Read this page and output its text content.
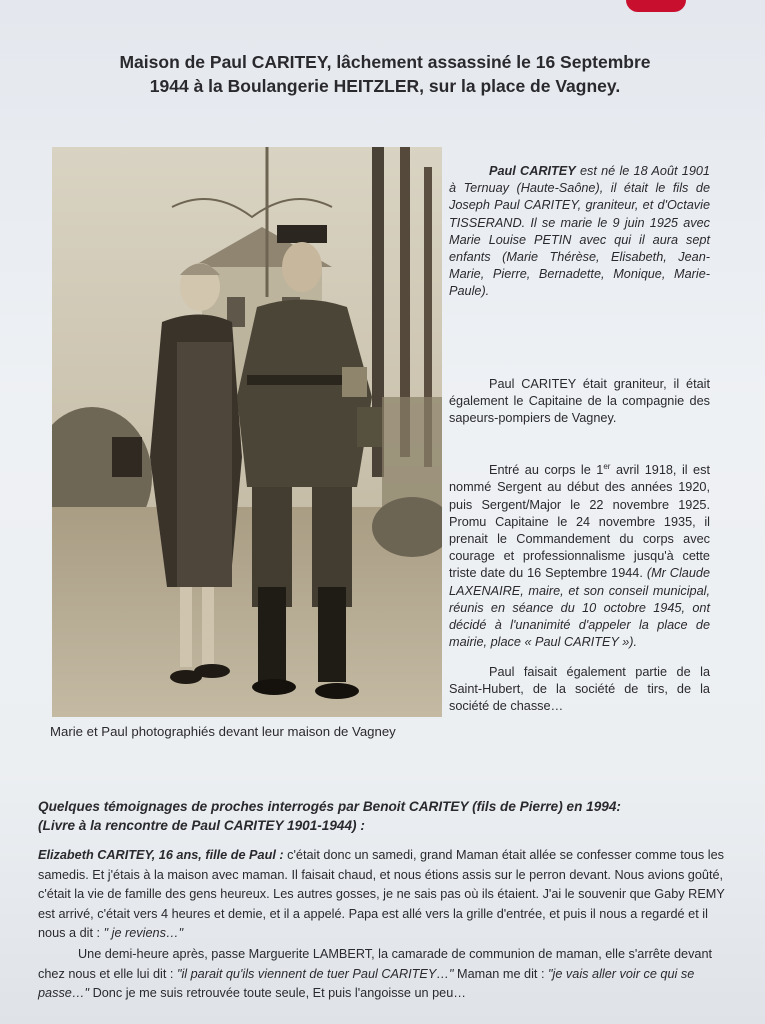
Maison de Paul CARITEY, lâchement assassiné le 16 Septembre
1944 à la Boulangerie HEITZLER, sur la place de Vagney.
Marie et Paul photographiés devant leur maison de Vagney
Paul CARITEY est né le 18 Août 1901 à Ternuay (Haute-Saône), il était le fils de Joseph Paul CARITEY, graniteur, et d'Octavie TISSERAND. Il se marie le 9 juin 1925 avec Marie Louise PETIN avec qui il aura sept enfants (Marie Thérèse, Elisabeth, Jean-Marie, Pierre, Bernadette, Monique, Marie-Paule).
Paul CARITEY était graniteur, il était également le Capitaine de la compagnie des sapeurs-pompiers de Vagney.
Entré au corps le 1er avril 1918, il est nommé Sergent au début des années 1920, puis Sergent/Major le 22 novembre 1925. Promu Capitaine le 24 novembre 1935, il prenait le Commandement du corps avec courage et professionnalisme jusqu'à cette triste date du 16 Septembre 1944. (Mr Claude LAXENAIRE, maire, et son conseil municipal, réunis en séance du 10 octobre 1945, ont décidé à l'unanimité d'appeler la place de mairie, place « Paul CARITEY »).
Paul faisait également partie de la Saint-Hubert, de la société de tirs, de la société de chasse…
Quelques témoignages de proches interrogés par Benoit CARITEY (fils de Pierre) en 1994:
(Livre à la rencontre de Paul CARITEY 1901-1944) :
Elizabeth CARITEY, 16 ans, fille de Paul : c'était donc un samedi, grand Maman était allée se confesser comme tous les samedis. Et j'étais à la maison avec maman. Il faisait chaud, et nous étions assis sur le perron devant. Nous avions goûté, c'était la vie de famille des gens heureux. Les autres gosses, je ne sais pas où ils étaient. J'ai le souvenir que Gaby REMY est arrivé, c'était vers 4 heures et demie, et il a appelé. Papa est allé vers la grille d'entrée, et puis il nous a regardé et il nous a dit : " je reviens…"
Une demi-heure après, passe Marguerite LAMBERT, la camarade de communion de maman, elle s'arrête devant chez nous et elle lui dit : "il parait qu'ils viennent de tuer Paul CARITEY…" Maman me dit : "je vais aller voir ce qui se passe…" Donc je me suis retrouvée toute seule, Et puis l'angoisse un peu…
